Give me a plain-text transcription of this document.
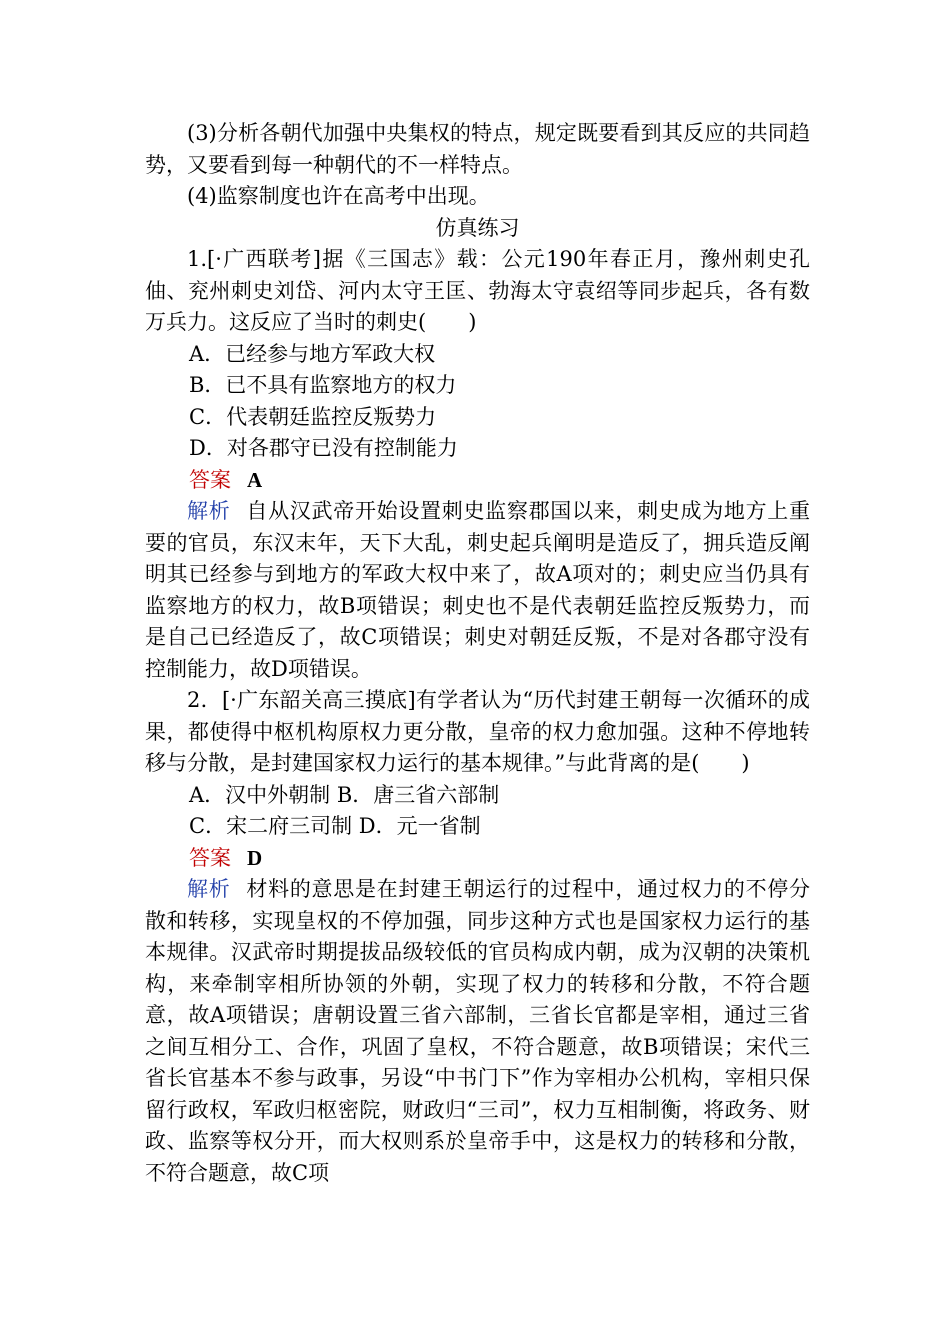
(3)分析各朝代加强中央集权的特点，规定既要看到其反应的共同趋势，又要看到每一种朝代的不一样特点。

(4)监察制度也许在高考中出现。

仿真练习

1.[·广西联考]据《三国志》载：公元190年春正月，豫州刺史孔伷、兖州刺史刘岱、河内太守王匡、勃海太守袁绍等同步起兵，各有数万兵力。这反应了当时的刺史(　　)

A．已经参与地方军政大权

B．已不具有监察地方的权力

C．代表朝廷监控反叛势力

D．对各郡守已没有控制能力

答案 A

解析 自从汉武帝开始设置刺史监察郡国以来，刺史成为地方上重要的官员，东汉末年，天下大乱，刺史起兵阐明是造反了，拥兵造反阐明其已经参与到地方的军政大权中来了，故A项对的；刺史应当仍具有监察地方的权力，故B项错误；刺史也不是代表朝廷监控反叛势力，而是自己已经造反了，故C项错误；刺史对朝廷反叛，不是对各郡守没有控制能力，故D项错误。

2．[·广东韶关高三摸底]有学者认为“历代封建王朝每一次循环的成果，都使得中枢机构原权力更分散，皇帝的权力愈加强。这种不停地转移与分散，是封建国家权力运行的基本规律。”与此背离的是(　　)

A．汉中外朝制 B．唐三省六部制

C．宋二府三司制 D．元一省制

答案 D

解析 材料的意思是在封建王朝运行的过程中，通过权力的不停分散和转移，实现皇权的不停加强，同步这种方式也是国家权力运行的基本规律。汉武帝时期提拔品级较低的官员构成内朝，成为汉朝的决策机构，来牵制宰相所协领的外朝，实现了权力的转移和分散，不符合题意，故A项错误；唐朝设置三省六部制，三省长官都是宰相，通过三省之间互相分工、合作，巩固了皇权，不符合题意，故B项错误；宋代三省长官基本不参与政事，另设“中书门下”作为宰相办公机构，宰相只保留行政权，军政归枢密院，财政归“三司”，权力互相制衡，将政务、财政、监察等权分开，而大权则系於皇帝手中，这是权力的转移和分散，不符合题意，故C项
